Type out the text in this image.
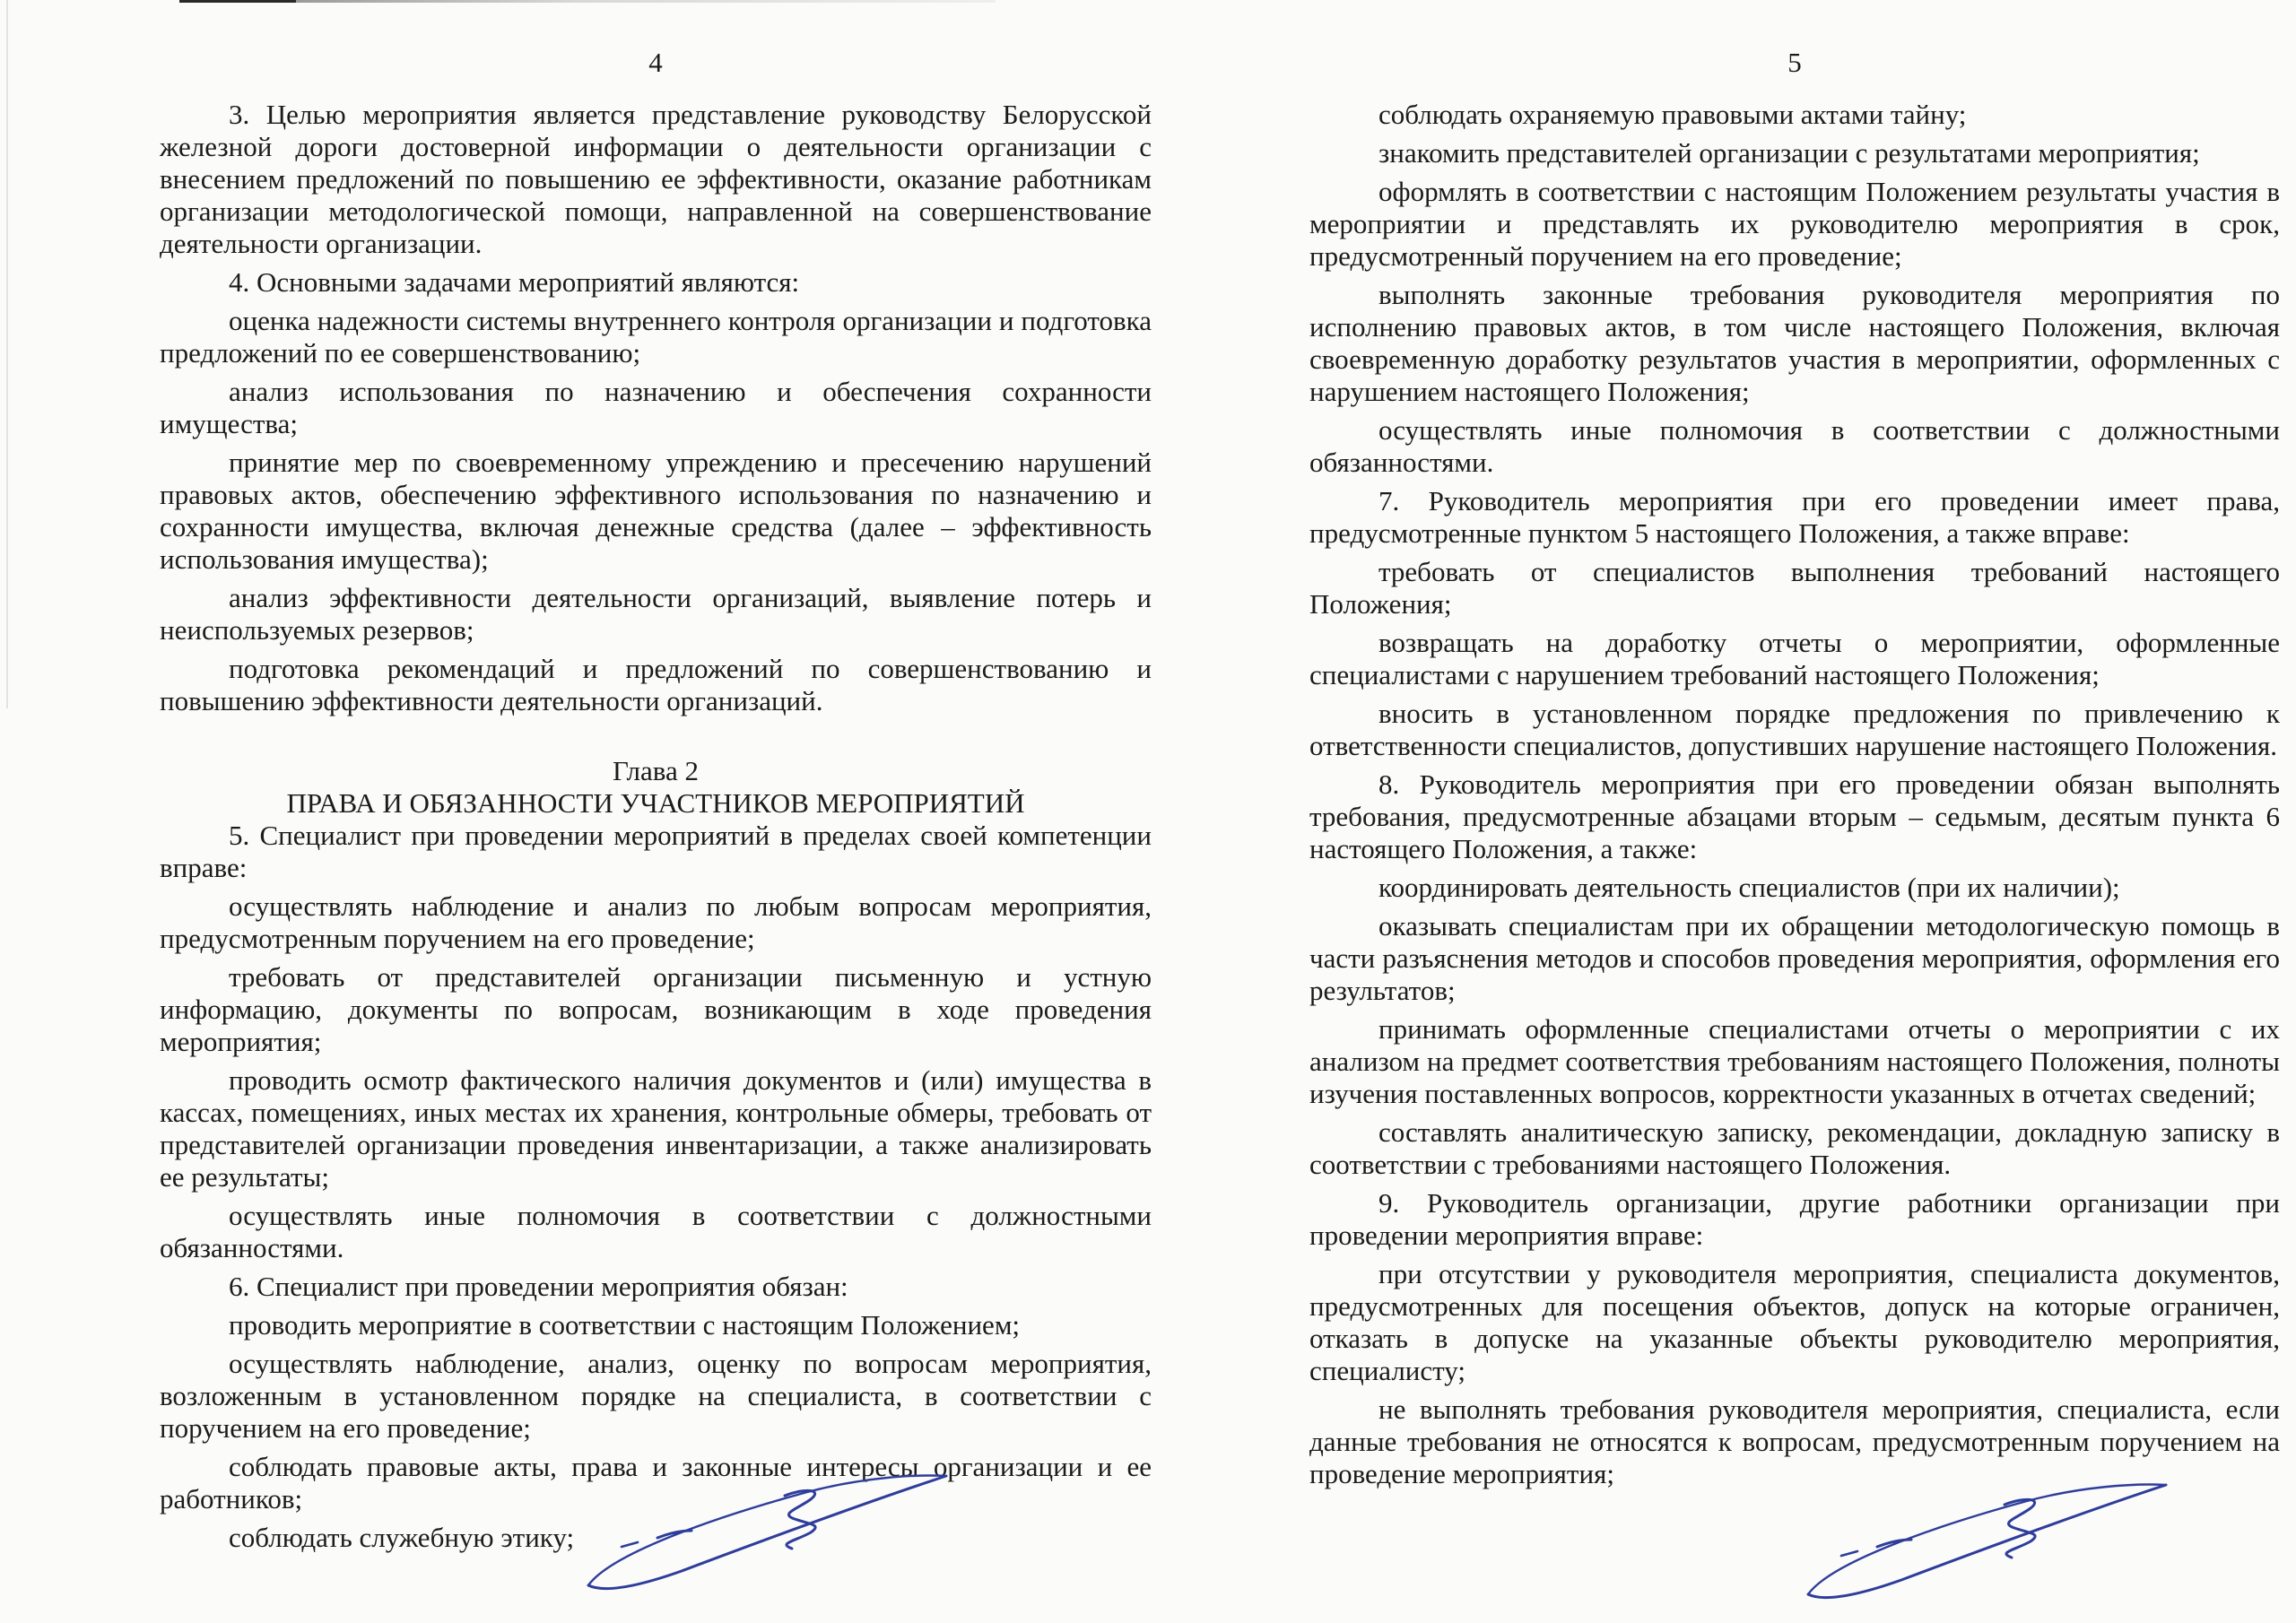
4

3. Целью мероприятия является представление руководству Белорусской железной дороги достоверной информации о деятельности организации с внесением предложений по повышению ее эффективности, оказание работникам организации методологической помощи, направленной на совершенствование деятельности организации.

4. Основными задачами мероприятий являются:

оценка надежности системы внутреннего контроля организации и подготовка предложений по ее совершенствованию;

анализ использования по назначению и обеспечения сохранности имущества;

принятие мер по своевременному упреждению и пресечению нарушений правовых актов, обеспечению эффективного использования по назначению и сохранности имущества, включая денежные средства (далее – эффективность использования имущества);

анализ эффективности деятельности организаций, выявление потерь и неиспользуемых резервов;

подготовка рекомендаций и предложений по совершенствованию и повышению эффективности деятельности организаций.

Глава 2

ПРАВА И ОБЯЗАННОСТИ УЧАСТНИКОВ МЕРОПРИЯТИЙ

5. Специалист при проведении мероприятий в пределах своей компетенции вправе:

осуществлять наблюдение и анализ по любым вопросам мероприятия, предусмотренным поручением на его проведение;

требовать от представителей организации письменную и устную информацию, документы по вопросам, возникающим в ходе проведения мероприятия;

проводить осмотр фактического наличия документов и (или) имущества в кассах, помещениях, иных местах их хранения, контрольные обмеры, требовать от представителей организации проведения инвентаризации, а также анализировать ее результаты;

осуществлять иные полномочия в соответствии с должностными обязанностями.

6. Специалист при проведении мероприятия обязан:

проводить мероприятие в соответствии с настоящим Положением;

осуществлять наблюдение, анализ, оценку по вопросам мероприятия, возложенным в установленном порядке на специалиста, в соответствии с поручением на его проведение;

соблюдать правовые акты, права и законные интересы организации и ее работников;

соблюдать служебную этику;

5

соблюдать охраняемую правовыми актами тайну;

знакомить представителей организации с результатами мероприятия;

оформлять в соответствии с настоящим Положением результаты участия в мероприятии и представлять их руководителю мероприятия в срок, предусмотренный поручением на его проведение;

выполнять законные требования руководителя мероприятия по исполнению правовых актов, в том числе настоящего Положения, включая своевременную доработку результатов участия в мероприятии, оформленных с нарушением настоящего Положения;

осуществлять иные полномочия в соответствии с должностными обязанностями.

7. Руководитель мероприятия при его проведении имеет права, предусмотренные пунктом 5 настоящего Положения, а также вправе:

требовать от специалистов выполнения требований настоящего Положения;

возвращать на доработку отчеты о мероприятии, оформленные специалистами с нарушением требований настоящего Положения;

вносить в установленном порядке предложения по привлечению к ответственности специалистов, допустивших нарушение настоящего Положения.

8. Руководитель мероприятия при его проведении обязан выполнять требования, предусмотренные абзацами вторым – седьмым, десятым пункта 6 настоящего Положения, а также:

координировать деятельность специалистов (при их наличии);

оказывать специалистам при их обращении методологическую помощь в части разъяснения методов и способов проведения мероприятия, оформления его результатов;

принимать оформленные специалистами отчеты о мероприятии с их анализом на предмет соответствия требованиям настоящего Положения, полноты изучения поставленных вопросов, корректности указанных в отчетах сведений;

составлять аналитическую записку, рекомендации, докладную записку в соответствии с требованиями настоящего Положения.

9. Руководитель организации, другие работники организации при проведении мероприятия вправе:

при отсутствии у руководителя мероприятия, специалиста документов, предусмотренных для посещения объектов, допуск на которые ограничен, отказать в допуске на указанные объекты руководителю мероприятия, специалисту;

не выполнять требования руководителя мероприятия, специалиста, если данные требования не относятся к вопросам, предусмотренным поручением на проведение мероприятия;
